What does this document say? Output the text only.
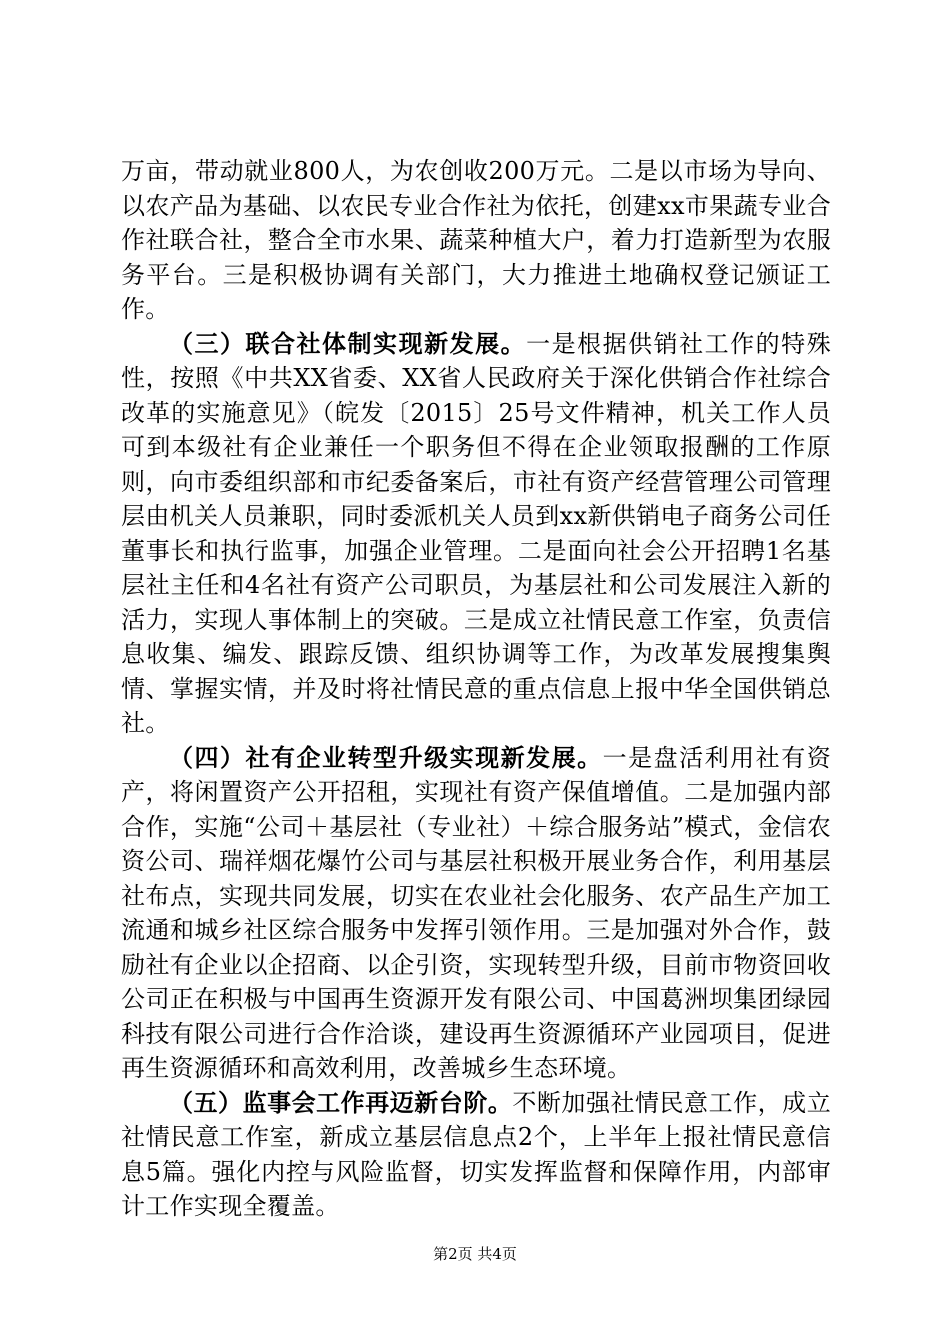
万亩，带动就业800人，为农创收200万元。二是以市场为导向、以农产品为基础、以农民专业合作社为依托，创建xx市果蔬专业合作社联合社，整合全市水果、蔬菜种植大户，着力打造新型为农服务平台。三是积极协调有关部门，大力推进土地确权登记颁证工作。

（三）联合社体制实现新发展。一是根据供销社工作的特殊性，按照《中共XX省委、XX省人民政府关于深化供销合作社综合改革的实施意见》（皖发〔2015〕25号文件精神，机关工作人员可到本级社有企业兼任一个职务但不得在企业领取报酬的工作原则，向市委组织部和市纪委备案后，市社有资产经营管理公司管理层由机关人员兼职，同时委派机关人员到xx新供销电子商务公司任董事长和执行监事，加强企业管理。二是面向社会公开招聘1名基层社主任和4名社有资产公司职员，为基层社和公司发展注入新的活力，实现人事体制上的突破。三是成立社情民意工作室，负责信息收集、编发、跟踪反馈、组织协调等工作，为改革发展搜集舆情、掌握实情，并及时将社情民意的重点信息上报中华全国供销总社。

（四）社有企业转型升级实现新发展。一是盘活利用社有资产，将闲置资产公开招租，实现社有资产保值增值。二是加强内部合作，实施“公司＋基层社（专业社）＋综合服务站”模式，金信农资公司、瑞祥烟花爆竹公司与基层社积极开展业务合作，利用基层社布点，实现共同发展，切实在农业社会化服务、农产品生产加工流通和城乡社区综合服务中发挥引领作用。三是加强对外合作，鼓励社有企业以企招商、以企引资，实现转型升级，目前市物资回收公司正在积极与中国再生资源开发有限公司、中国葛洲坝集团绿园科技有限公司进行合作洽谈，建设再生资源循环产业园项目，促进再生资源循环和高效利用，改善城乡生态环境。

（五）监事会工作再迈新台阶。不断加强社情民意工作，成立社情民意工作室，新成立基层信息点2个，上半年上报社情民意信息5篇。强化内控与风险监督，切实发挥监督和保障作用，内部审计工作实现全覆盖。

第2页 共4页
